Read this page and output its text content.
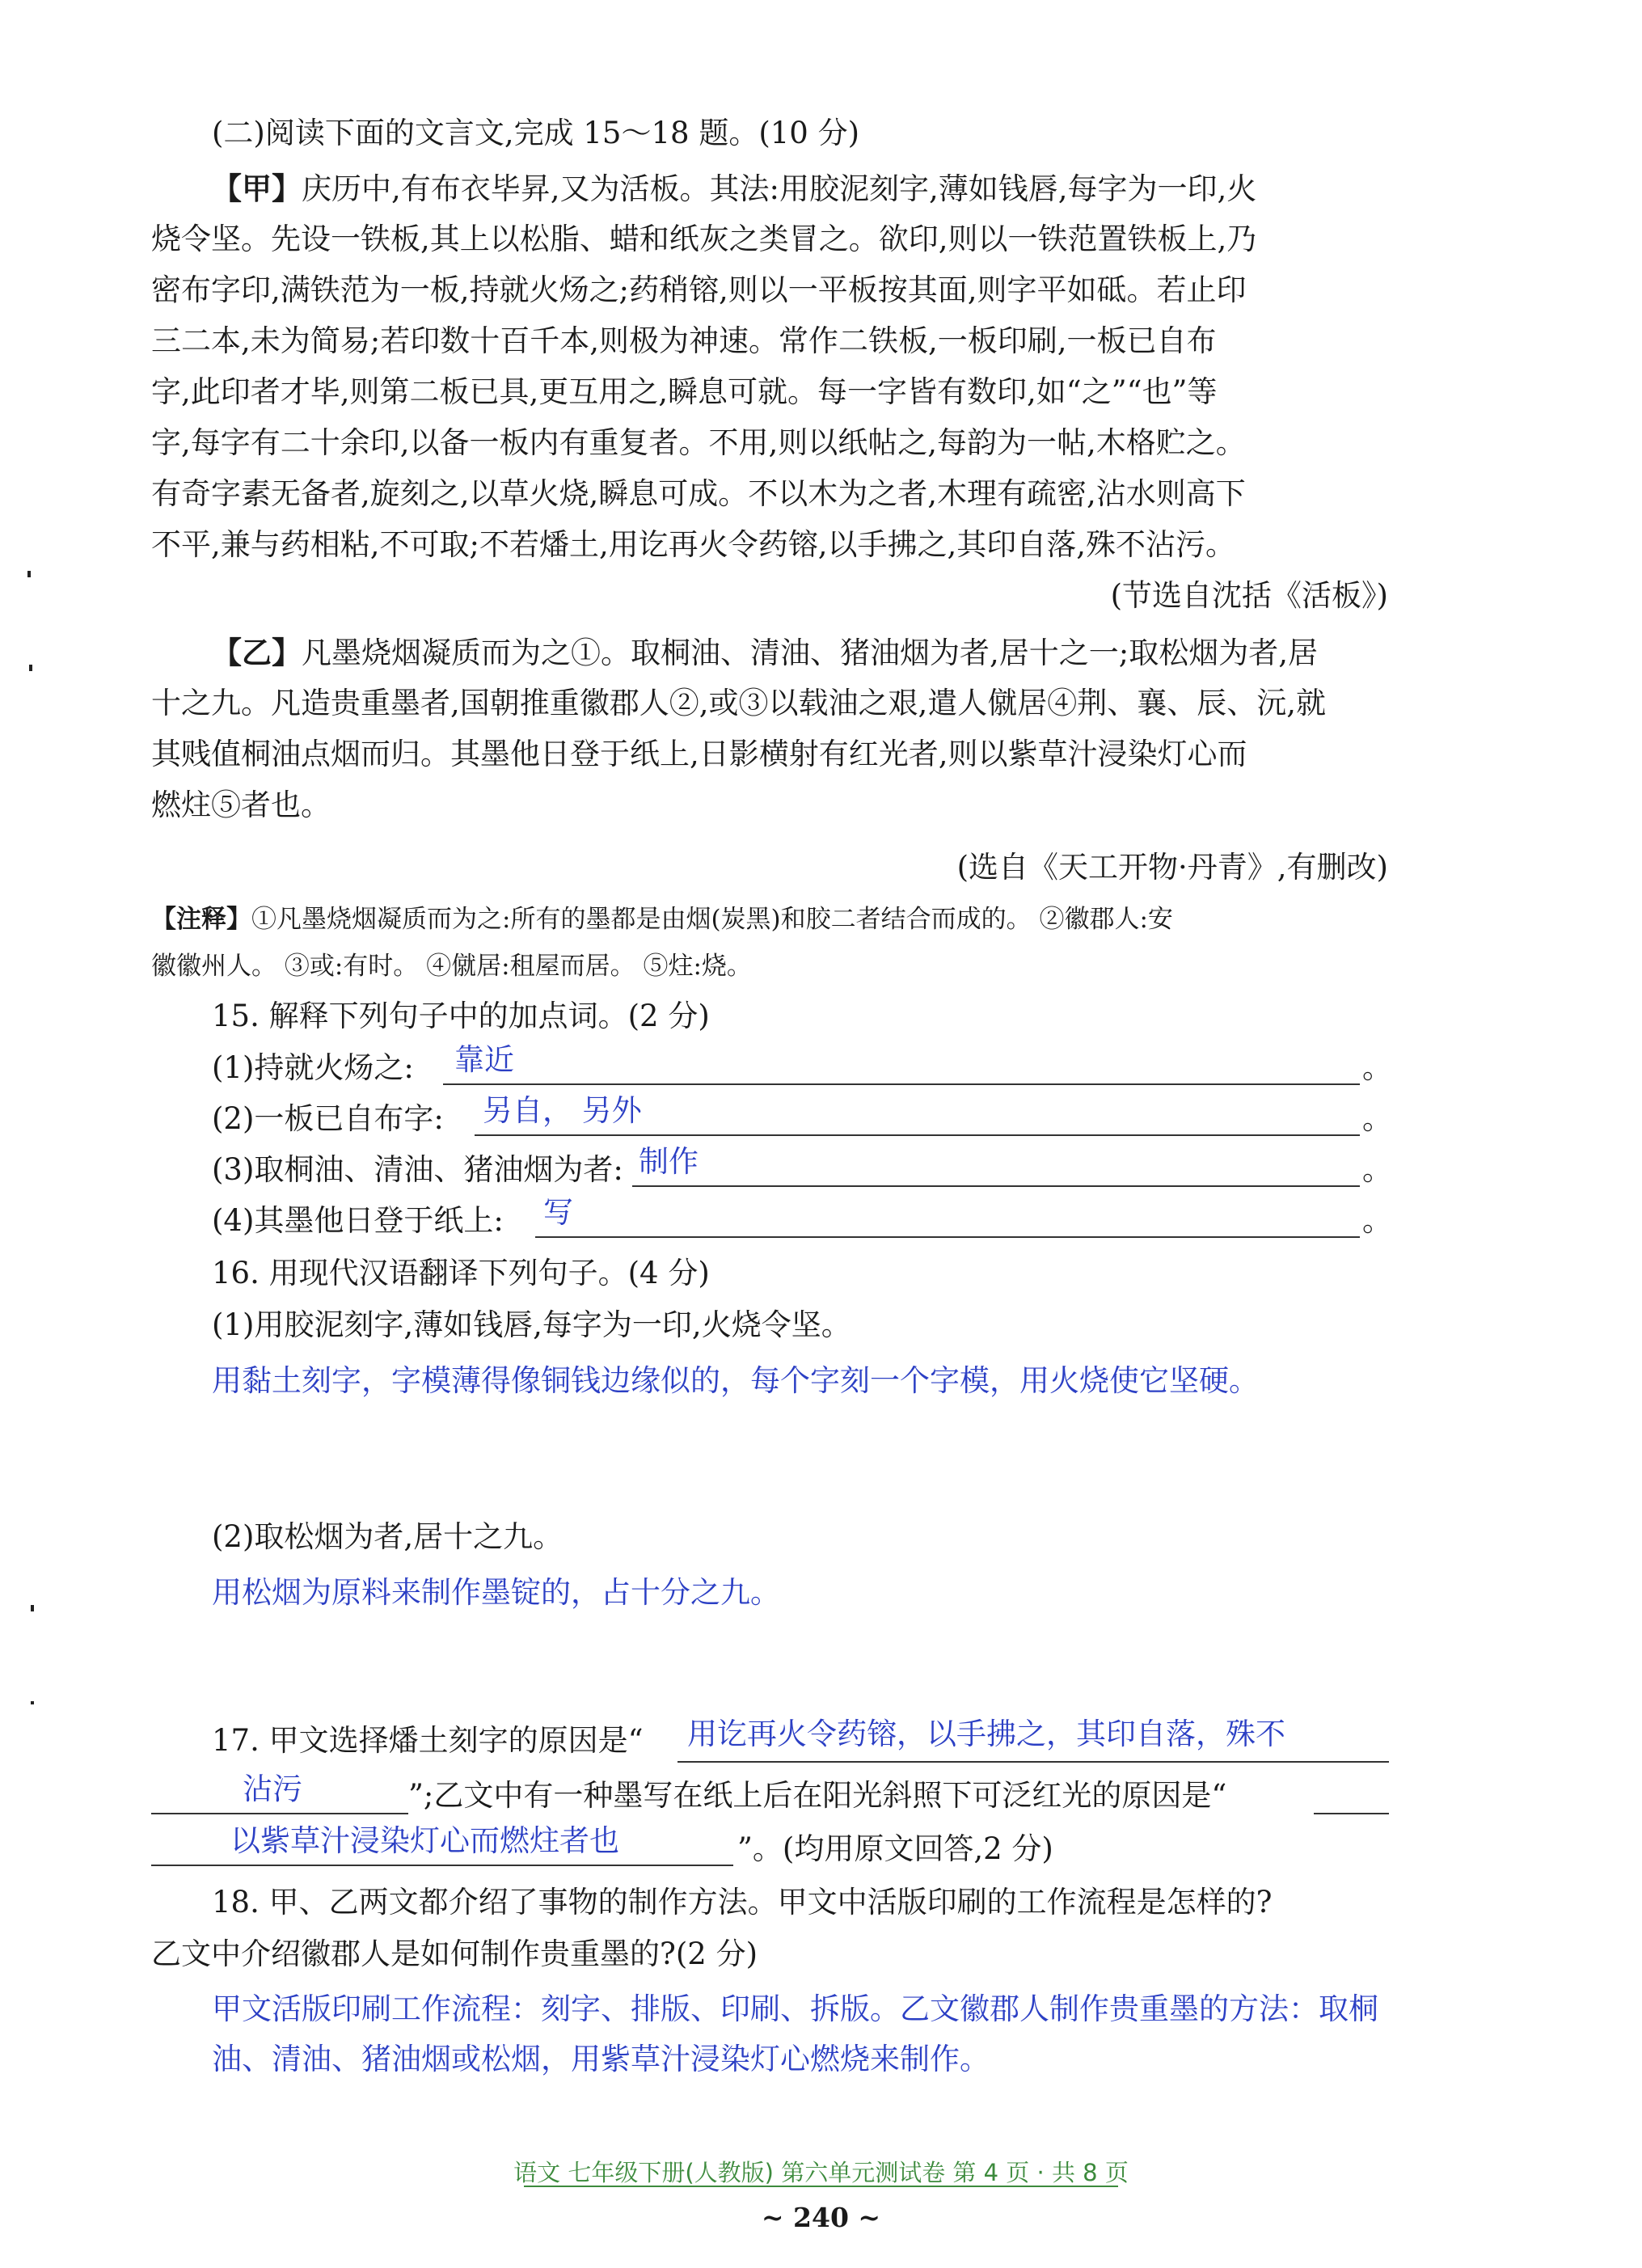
(二)阅读下面的文言文,完成 15～18 题。(10 分)
【甲】庆历中,有布衣毕昇,又为活板。其法:用胶泥刻字,薄如钱唇,每字为一印,火
烧令坚。先设一铁板,其上以松脂、蜡和纸灰之类冒之。欲印,则以一铁范置铁板上,乃
密布字印,满铁范为一板,持就火炀之;药稍镕,则以一平板按其面,则字平如砥。若止印
三二本,未为简易;若印数十百千本,则极为神速。常作二铁板,一板印刷,一板已自布
字,此印者才毕,则第二板已具,更互用之,瞬息可就。每一字皆有数印,如“之”“也”等
字,每字有二十余印,以备一板内有重复者。不用,则以纸帖之,每韵为一帖,木格贮之。
有奇字素无备者,旋刻之,以草火烧,瞬息可成。不以木为之者,木理有疏密,沾水则高下
不平,兼与药相粘,不可取;不若燔土,用讫再火令药镕,以手拂之,其印自落,殊不沾污。
(节选自沈括《活板》)
【乙】凡墨烧烟凝质而为之①。取桐油、清油、猪油烟为者,居十之一;取松烟为者,居
十之九。凡造贵重墨者,国朝推重徽郡人②,或③以载油之艰,遣人僦居④荆、襄、辰、沅,就
其贱值桐油点烟而归。其墨他日登于纸上,日影横射有红光者,则以紫草汁浸染灯心而
燃炷⑤者也。
(选自《天工开物·丹青》,有删改)
【注释】①凡墨烧烟凝质而为之:所有的墨都是由烟(炭黑)和胶二者结合而成的。 ②徽郡人:安
徽徽州人。 ③或:有时。 ④僦居:租屋而居。 ⑤炷:烧。
15. 解释下列句子中的加点词。(2 分)
(1)持就火炀之: 靠近	。
(2)一板已自布字: 另自， 另外	。
(3)取桐油、清油、猪油烟为者: 制作	。
(4)其墨他日登于纸上: 写	。
16. 用现代汉语翻译下列句子。(4 分)
(1)用胶泥刻字,薄如钱唇,每字为一印,火烧令坚。
用黏土刻字，字模薄得像铜钱边缘似的，每个字刻一个字模，用火烧使它坚硬。
(2)取松烟为者,居十之九。
用松烟为原料来制作墨锭的，占十分之九。
17. 甲文选择燔土刻字的原因是“ 用讫再火令药镕，以手拂之，其印自落，殊不
沾污	”;乙文中有一种墨写在纸上后在阳光斜照下可泛红光的原因是“
以紫草汁浸染灯心而燃炷者也	”。(均用原文回答,2 分)
18. 甲、乙两文都介绍了事物的制作方法。甲文中活版印刷的工作流程是怎样的?
乙文中介绍徽郡人是如何制作贵重墨的?(2 分)
甲文活版印刷工作流程：刻字、排版、印刷、拆版。乙文徽郡人制作贵重墨的方法：取桐
油、清油、猪油烟或松烟，用紫草汁浸染灯心燃烧来制作。
语文 七年级下册(人教版) 第六单元测试卷 第 4 页 · 共 8 页
~ 240 ~
